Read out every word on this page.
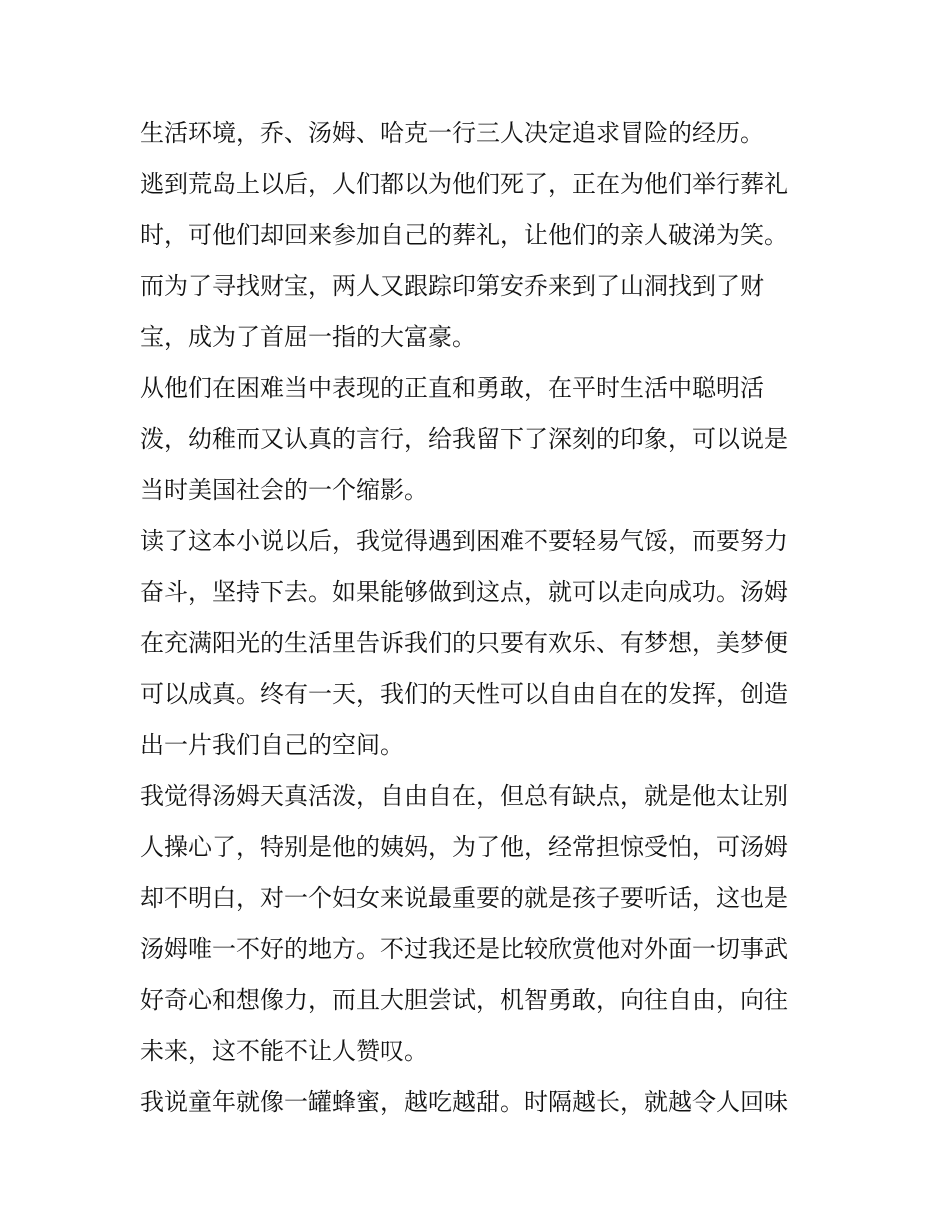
生活环境，乔、汤姆、哈克一行三人决定追求冒险的经历。
逃到荒岛上以后，人们都以为他们死了，正在为他们举行葬礼
时，可他们却回来参加自己的葬礼，让他们的亲人破涕为笑。
而为了寻找财宝，两人又跟踪印第安乔来到了山洞找到了财
宝，成为了首屈一指的大富豪。
从他们在困难当中表现的正直和勇敢，在平时生活中聪明活
泼，幼稚而又认真的言行，给我留下了深刻的印象，可以说是
当时美国社会的一个缩影。
读了这本小说以后，我觉得遇到困难不要轻易气馁，而要努力
奋斗，坚持下去。如果能够做到这点，就可以走向成功。汤姆
在充满阳光的生活里告诉我们的只要有欢乐、有梦想，美梦便
可以成真。终有一天，我们的天性可以自由自在的发挥，创造
出一片我们自己的空间。
我觉得汤姆天真活泼，自由自在，但总有缺点，就是他太让别
人操心了，特别是他的姨妈，为了他，经常担惊受怕，可汤姆
却不明白，对一个妇女来说最重要的就是孩子要听话，这也是
汤姆唯一不好的地方。不过我还是比较欣赏他对外面一切事武
好奇心和想像力，而且大胆尝试，机智勇敢，向往自由，向往
未来，这不能不让人赞叹。
我说童年就像一罐蜂蜜，越吃越甜。时隔越长，就越令人回味
